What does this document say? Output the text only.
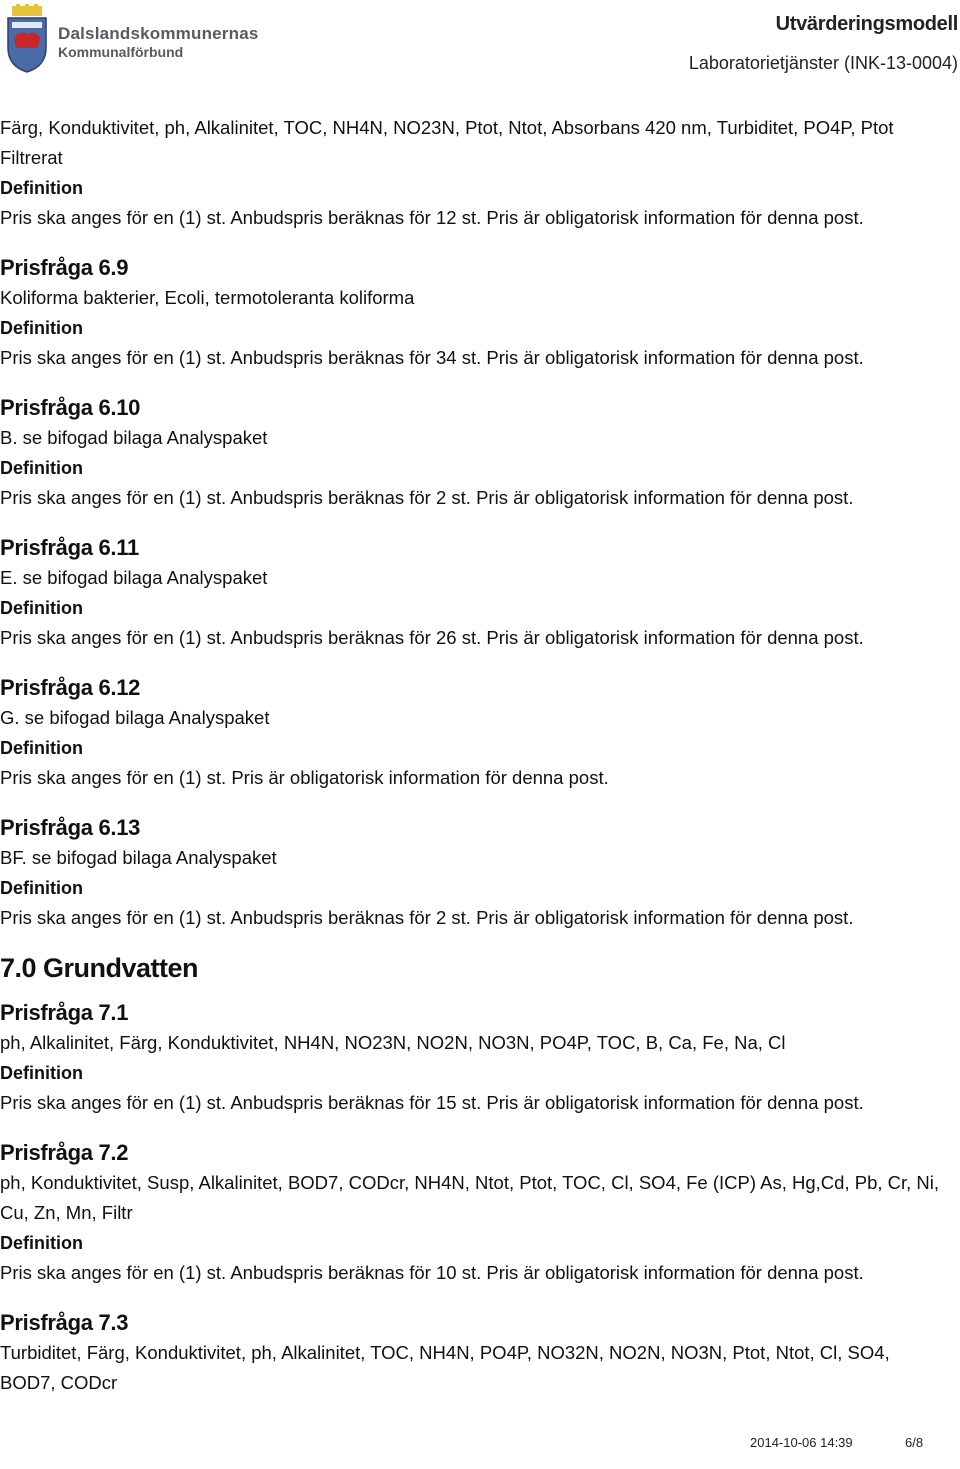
Dalslandskommunernas
Kommunalförbund
Utvärderingsmodell
Laboratorietjänster (INK-13-0004)
Färg, Konduktivitet, ph, Alkalinitet, TOC, NH4N, NO23N, Ptot, Ntot, Absorbans 420 nm, Turbiditet, PO4P, Ptot Filtrerat
Definition
Pris ska anges för en (1) st. Anbudspris beräknas för 12 st. Pris är obligatorisk information för denna post.
Prisfråga 6.9
Koliforma bakterier, Ecoli, termotoleranta koliforma
Definition
Pris ska anges för en (1) st. Anbudspris beräknas för 34 st. Pris är obligatorisk information för denna post.
Prisfråga 6.10
B. se bifogad bilaga Analyspaket
Definition
Pris ska anges för en (1) st. Anbudspris beräknas för 2 st. Pris är obligatorisk information för denna post.
Prisfråga 6.11
E. se bifogad bilaga Analyspaket
Definition
Pris ska anges för en (1) st. Anbudspris beräknas för 26 st. Pris är obligatorisk information för denna post.
Prisfråga 6.12
G. se bifogad bilaga Analyspaket
Definition
Pris ska anges för en (1) st. Pris är obligatorisk information för denna post.
Prisfråga 6.13
BF. se bifogad bilaga Analyspaket
Definition
Pris ska anges för en (1) st. Anbudspris beräknas för 2 st. Pris är obligatorisk information för denna post.
7.0 Grundvatten
Prisfråga 7.1
ph, Alkalinitet, Färg, Konduktivitet, NH4N, NO23N, NO2N, NO3N, PO4P, TOC, B, Ca, Fe, Na, Cl
Definition
Pris ska anges för en (1) st. Anbudspris beräknas för 15 st. Pris är obligatorisk information för denna post.
Prisfråga 7.2
ph, Konduktivitet, Susp, Alkalinitet, BOD7, CODcr, NH4N, Ntot, Ptot, TOC, Cl, SO4, Fe (ICP) As, Hg,Cd, Pb, Cr, Ni, Cu, Zn, Mn, Filtr
Definition
Pris ska anges för en (1) st. Anbudspris beräknas för 10 st. Pris är obligatorisk information för denna post.
Prisfråga 7.3
Turbiditet, Färg, Konduktivitet, ph, Alkalinitet, TOC, NH4N, PO4P, NO32N, NO2N, NO3N, Ptot, Ntot, Cl, SO4, BOD7, CODcr
2014-10-06 14:39	6/8
